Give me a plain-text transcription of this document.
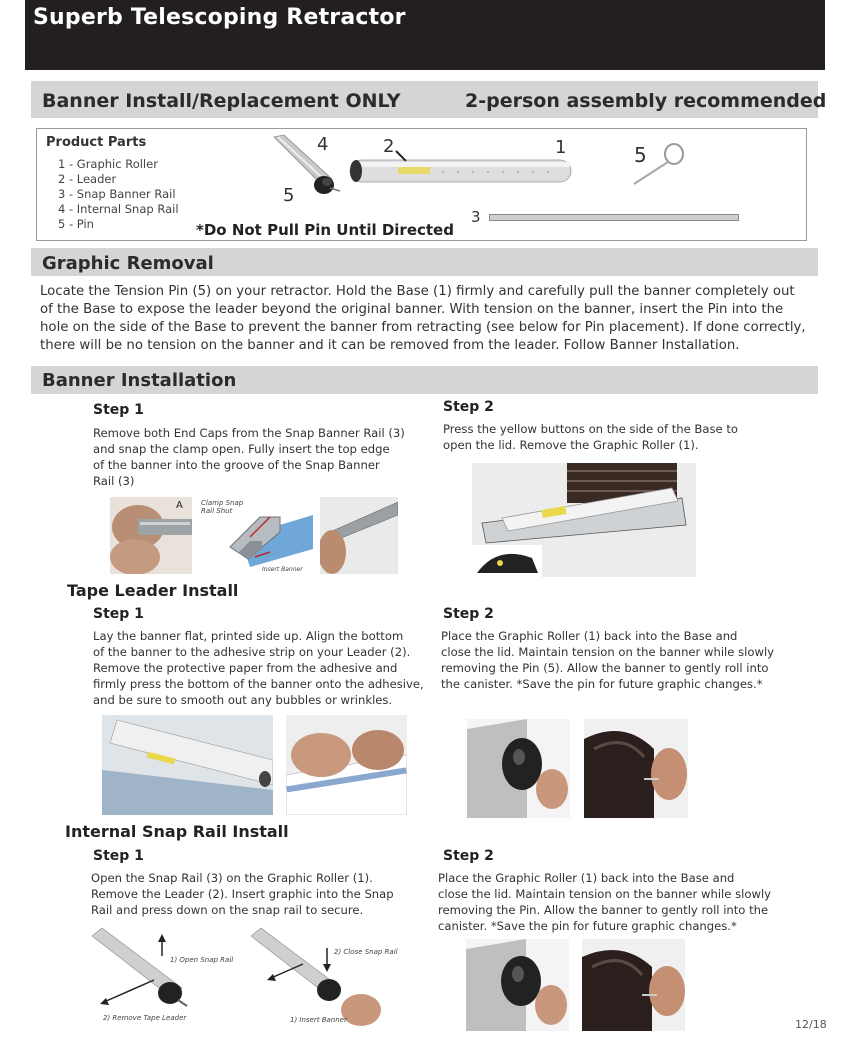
Superb Telescoping Retractor
Banner Install/Replacement ONLY	2-person assembly recommended
Product Parts
1 - Graphic Roller
2 - Leader
3 - Snap Banner Rail
4 - Internal Snap Rail
5 - Pin	*Do Not Pull Pin Until Directed
4
5
2	1
3
5
Graphic Removal
Locate the Tension Pin (5) on your retractor. Hold the Base (1) firmly and carefully pull the banner completely out
of the Base to expose the leader beyond the original banner. With tension on the banner, insert the Pin into the
hole on the side of the Base to prevent the banner from retracting (see below for Pin placement). If done correctly,
there will be no tension on the banner and it can be removed from the leader. Follow Banner Installation.
Banner Installation
Step 1
Remove both End Caps from the Snap Banner Rail (3)
and snap the clamp open. Fully insert the top edge
of the banner into the groove of the Snap Banner
Rail (3)
A	Clamp Snap
Rail Shut
Insert Banner
Step 2
Press the yellow buttons on the side of the Base to
open the lid. Remove the Graphic Roller (1).
Tape Leader Install
Step 1
Lay the banner flat, printed side up. Align the bottom
of the banner to the adhesive strip on your Leader (2).
Remove the protective paper from the adhesive and
firmly press the bottom of the banner onto the adhesive,
and be sure to smooth out any bubbles or wrinkles.
Step 2
Place the Graphic Roller (1) back into the Base and
close the lid. Maintain tension on the banner while slowly
removing the Pin (5). Allow the banner to gently roll into
the canister. *Save the pin for future graphic changes.*
Internal Snap Rail Install
Step 1
Open the Snap Rail (3) on the Graphic Roller (1).
Remove the Leader (2). Insert graphic into the Snap
Rail and press down on the snap rail to secure.
1) Open Snap Rail
2) Remove Tape Leader
2) Close Snap Rail
1) Insert Banner
Step 2
Place the Graphic Roller (1) back into the Base and
close the lid. Maintain tension on the banner while slowly
removing the Pin. Allow the banner to gently roll into the
canister. *Save the pin for future graphic changes.*
12/18
